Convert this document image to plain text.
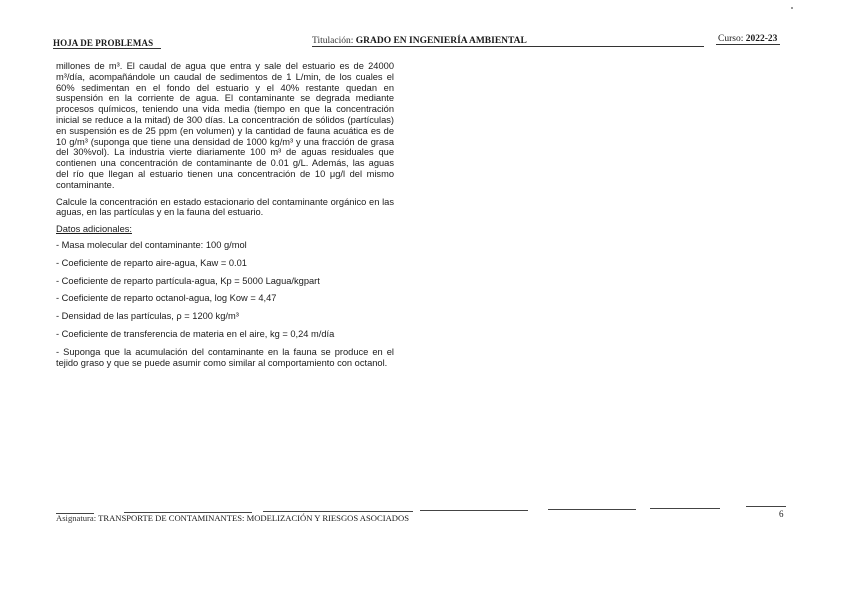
HOJA DE PROBLEMAS	Titulación: GRADO EN INGENIERÍA AMBIENTAL	Curso: 2022-23

millones de m³. El caudal de agua que entra y sale del estuario es de 24000 m³/día, acompañándole un caudal de sedimentos de 1 L/min, de los cuales el 60% sedimentan en el fondo del estuario y el 40% restante quedan en suspensión en la corriente de agua. El contaminante se degrada mediante procesos químicos, teniendo una vida media (tiempo en que la concentración inicial se reduce a la mitad) de 300 días. La concentración de sólidos (partículas) en suspensión es de 25 ppm (en volumen) y la cantidad de fauna acuática es de 10 g/m³ (suponga que tiene una densidad de 1000 kg/m³ y una fracción de grasa del 30%vol). La industria vierte diariamente 100 m³ de aguas residuales que contienen una concentración de contaminante de 0.01 g/L. Además, las aguas del río que llegan al estuario tienen una concentración de 10 μg/l del mismo contaminante.

Calcule la concentración en estado estacionario del contaminante orgánico en las aguas, en las partículas y en la fauna del estuario.

Datos adicionales:
- Masa molecular del contaminante: 100 g/mol
- Coeficiente de reparto aire-agua, Kaw = 0.01
- Coeficiente de reparto partícula-agua, Kp = 5000 Lagua/kgpart
- Coeficiente de reparto octanol-agua, log Kow = 4,47
- Densidad de las partículas, ρ = 1200 kg/m³
- Coeficiente de transferencia de materia en el aire, kg = 0,24 m/día
- Suponga que la acumulación del contaminante en la fauna se produce en el tejido graso y que se puede asumir como similar al comportamiento con octanol.
Asignatura: TRANSPORTE DE CONTAMINANTES: MODELIZACIÓN Y RIESGOS ASOCIADOS	6
